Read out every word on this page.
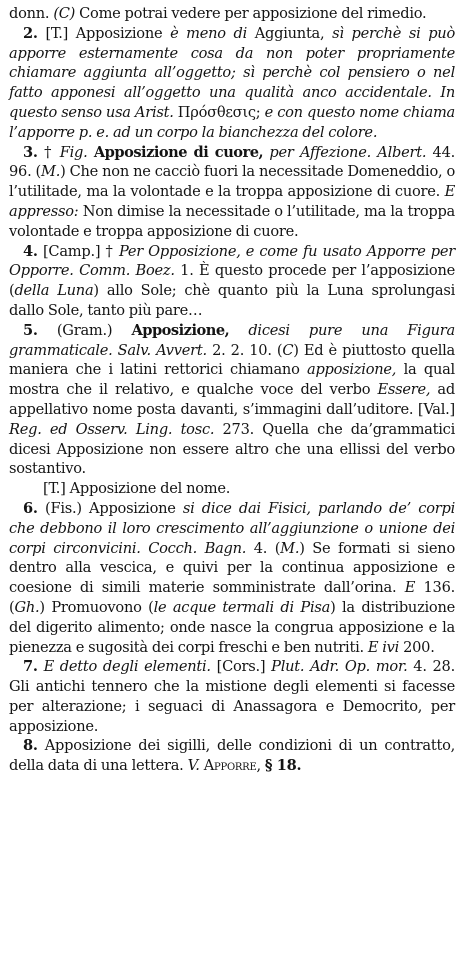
donn. (C) Come potrai vedere per apposizione del rimedio.

2. [T.] Apposizione è meno di Aggiunta, sì perchè si può apporre esternamente cosa da non poter propriamente chiamare aggiunta all’oggetto; sì perchè col pensiero o nel fatto apponesi all’oggetto una qualità anco accidentale. In questo senso usa Arist. Πρόσθεσις; e con questo nome chiama l’apporre p. e. ad un corpo la bianchezza del colore.

3. † Fig. Apposizione di cuore, per Affezione. Albert. 44. 96. (M.) Che non ne cacciò fuori la necessitade Domeneddio, o l’utilitade, ma la volontade e la troppa apposizione di cuore. E appresso: Non dimise la necessitade o l’utilitade, ma la troppa volontade e troppa apposizione di cuore.

4. [Camp.] † Per Opposizione, e come fu usato Apporre per Opporre. Comm. Boez. 1. È questo procede per l’apposizione (della Luna) allo Sole; chè quanto più la Luna sprolungasi dallo Sole, tanto più pare…

5. (Gram.) Apposizione, dicesi pure una Figura grammaticale. Salv. Avvert. 2. 2. 10. (C) Ed è piuttosto quella maniera che i latini rettorici chiamano apposizione, la qual mostra che il relativo, e qualche voce del verbo Essere, ad appellativo nome posta davanti, s’immagini dall’uditore. [Val.] Reg. ed Osserv. Ling. tosc. 273. Quella che da’grammatici dicesi Apposizione non essere altro che una ellissi del verbo sostantivo.

[T.] Apposizione del nome.

6. (Fis.) Apposizione si dice dai Fisici, parlando de’ corpi che debbono il loro crescimento all’aggiunzione o unione dei corpi circonvicini. Cocch. Bagn. 4. (M.) Se formati si sieno dentro alla vescica, e quivi per la continua apposizione e coesione di simili materie somministrate dall’orina. E 136. (Gh.) Promuovono (le acque termali di Pisa) la distribuzione del digerito alimento; onde nasce la congrua apposizione e la pienezza e sugosità dei corpi freschi e ben nutriti. E ivi 200.

7. E detto degli elementi. [Cors.] Plut. Adr. Op. mor. 4. 28. Gli antichi tennero che la mistione degli elementi si facesse per alterazione; i seguaci di Anassagora e Democrito, per apposizione.

8. Apposizione dei sigilli, delle condizioni di un contratto, della data di una lettera. V. Apporre, § 18.
